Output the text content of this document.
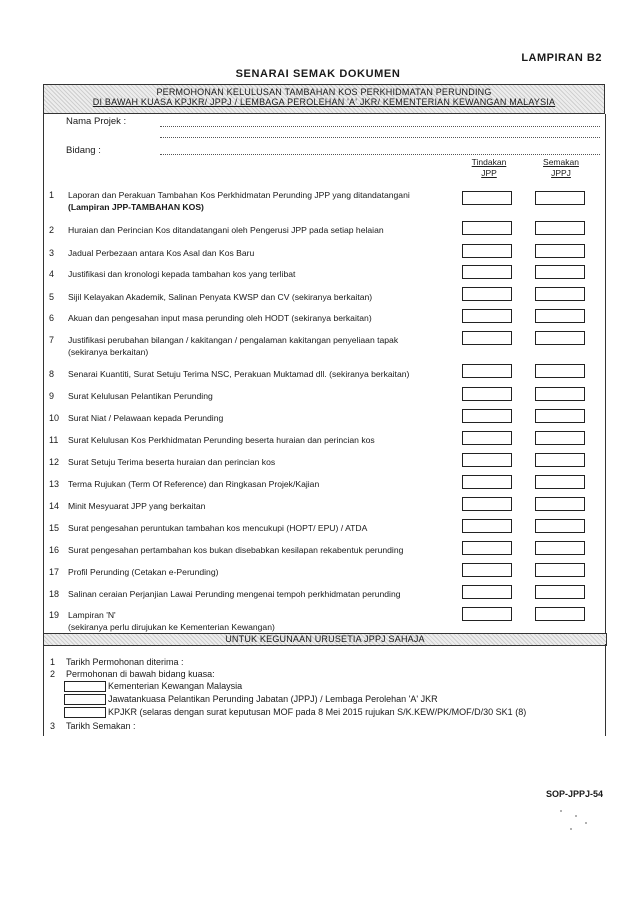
LAMPIRAN B2
SENARAI SEMAK DOKUMEN
PERMOHONAN KELULUSAN TAMBAHAN KOS PERKHIDMATAN PERUNDING
DI BAWAH KUASA KPJKR/ JPPJ / LEMBAGA PEROLEHAN 'A' JKR/ KEMENTERIAN KEWANGAN MALAYSIA
Nama Projek :
Bidang :
Tindakan
JPP
Semakan
JPPJ
1 Laporan dan Perakuan Tambahan Kos Perkhidmatan Perunding JPP yang ditandatangani
(Lampiran JPP-TAMBAHAN KOS)
2 Huraian dan Perincian Kos ditandatangani oleh Pengerusi JPP pada setiap helaian
3 Jadual Perbezaan antara Kos Asal dan Kos Baru
4 Justifikasi dan kronologi kepada tambahan kos yang terlibat
5 Sijil Kelayakan Akademik, Salinan Penyata KWSP dan CV (sekiranya berkaitan)
6 Akuan dan pengesahan input masa perunding oleh HODT (sekiranya berkaitan)
7 Justifikasi perubahan bilangan / kakitangan / pengalaman kakitangan penyeliaan tapak
(sekiranya berkaitan)
8 Senarai Kuantiti, Surat Setuju Terima NSC, Perakuan Muktamad dll. (sekiranya berkaitan)
9 Surat Kelulusan Pelantikan Perunding
10 Surat Niat / Pelawaan kepada Perunding
11 Surat Kelulusan Kos Perkhidmatan Perunding beserta huraian dan perincian kos
12 Surat Setuju Terima beserta huraian dan perincian kos
13 Terma Rujukan (Term Of Reference) dan Ringkasan Projek/Kajian
14 Minit Mesyuarat JPP yang berkaitan
15 Surat pengesahan peruntukan tambahan kos mencukupi (HOPT/ EPU) / ATDA
16 Surat pengesahan pertambahan kos bukan disebabkan kesilapan rekabentuk perunding
17 Profil Perunding (Cetakan e-Perunding)
18 Salinan ceraian Perjanjian Lawai Perunding mengenai tempoh perkhidmatan perunding
19 Lampiran 'N'
(sekiranya perlu dirujukan ke Kementerian Kewangan)
UNTUK KEGUNAAN URUSETIA JPPJ SAHAJA
1 Tarikh Permohonan diterima :
2 Permohonan di bawah bidang kuasa:
Kementerian Kewangan Malaysia
Jawatankuasa Pelantikan Perunding Jabatan (JPPJ) / Lembaga Perolehan 'A' JKR
KPJKR (selaras dengan surat keputusan MOF pada 8 Mei 2015 rujukan S/K.KEW/PK/MOF/D/30 SK1 (8)
3 Tarikh Semakan :
SOP-JPPJ-54
